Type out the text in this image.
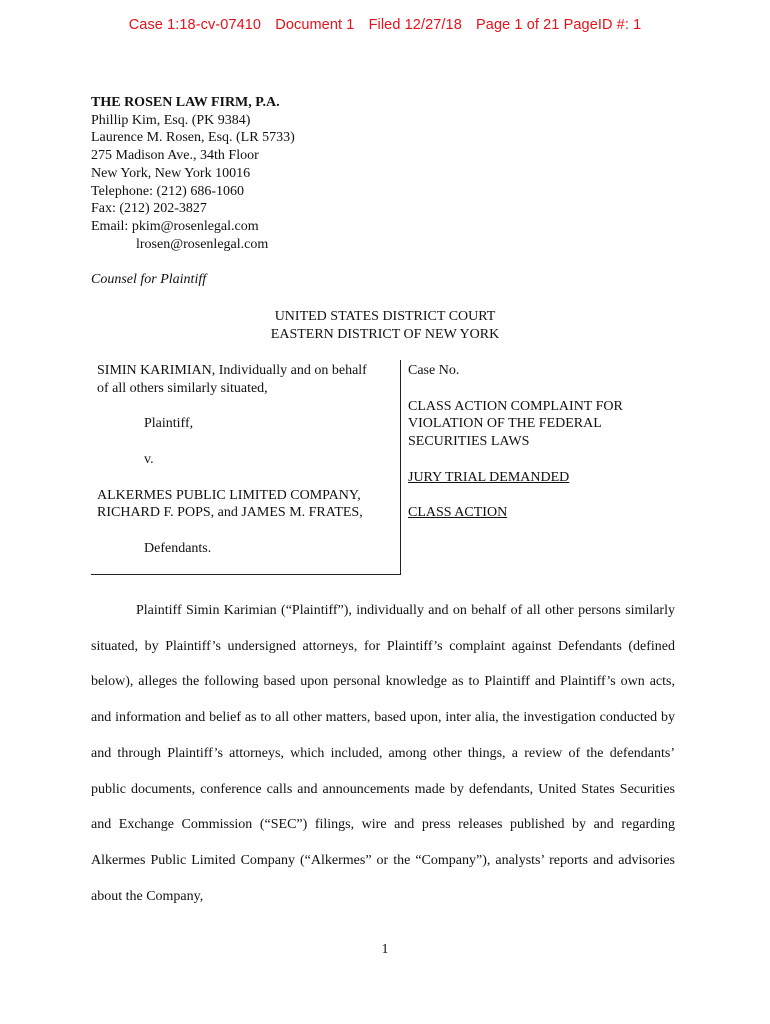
Case 1:18-cv-07410 Document 1 Filed 12/27/18 Page 1 of 21 PageID #: 1
THE ROSEN LAW FIRM, P.A.
Phillip Kim, Esq. (PK 9384)
Laurence M. Rosen, Esq. (LR 5733)
275 Madison Ave., 34th Floor
New York, New York 10016
Telephone: (212) 686-1060
Fax: (212) 202-3827
Email: pkim@rosenlegal.com
lrosen@rosenlegal.com
Counsel for Plaintiff
UNITED STATES DISTRICT COURT
EASTERN DISTRICT OF NEW YORK
SIMIN KARIMIAN, Individually and on behalf
of all others similarly situated,
Plaintiff,
v.
ALKERMES PUBLIC LIMITED COMPANY,
RICHARD F. POPS, and JAMES M. FRATES,
Defendants.
Case No.
CLASS ACTION COMPLAINT FOR
VIOLATION OF THE FEDERAL
SECURITIES LAWS
JURY TRIAL DEMANDED
CLASS ACTION
Plaintiff Simin Karimian (“Plaintiff”), individually and on behalf of all other persons similarly situated, by Plaintiff’s undersigned attorneys, for Plaintiff’s complaint against Defendants (defined below), alleges the following based upon personal knowledge as to Plaintiff and Plaintiff’s own acts, and information and belief as to all other matters, based upon, inter alia, the investigation conducted by and through Plaintiff’s attorneys, which included, among other things, a review of the defendants’ public documents, conference calls and announcements made by defendants, United States Securities and Exchange Commission (“SEC”) filings, wire and press releases published by and regarding Alkermes Public Limited Company (“Alkermes” or the “Company”), analysts’ reports and advisories about the Company,
1
